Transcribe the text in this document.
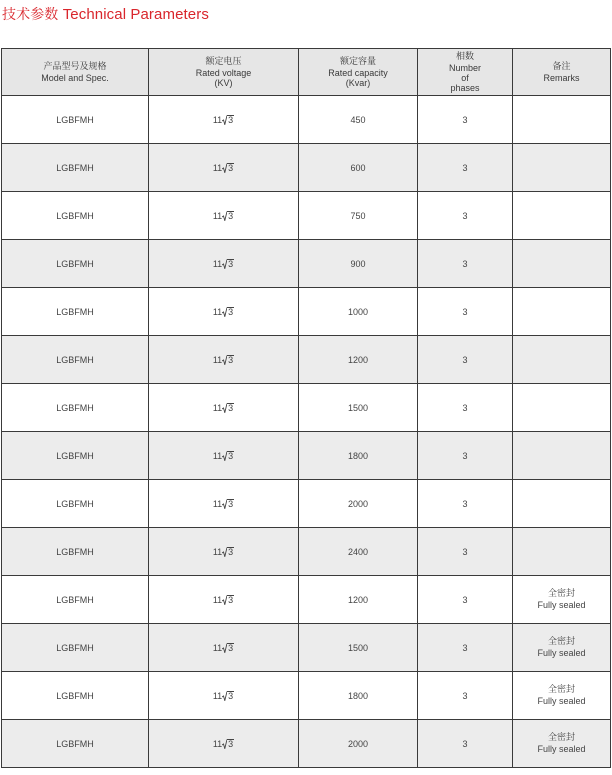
技术参数 Technical Parameters
产品型号及规格
Model and Spec.	额定电压
Rated voltage
(KV)	额定容量
Rated capacity
(Kvar)	相数
Number
of
phases	备注
Remarks

LGBFMH	11 3	450	3	
LGBFMH	11 3	600	3	
LGBFMH	11 3	750	3	
LGBFMH	11 3	900	3	
LGBFMH	11 3	1000	3	
LGBFMH	11 3	1200	3	
LGBFMH	11 3	1500	3	
LGBFMH	11 3	1800	3	
LGBFMH	11 3	2000	3	
LGBFMH	11 3	2400	3	
LGBFMH	11 3	1200	3	全密封
Fully sealed

LGBFMH	11 3	1500	3	全密封
Fully sealed

LGBFMH	11 3	1800	3	全密封
Fully sealed

LGBFMH	11 3	2000	3	全密封
Fully sealed
